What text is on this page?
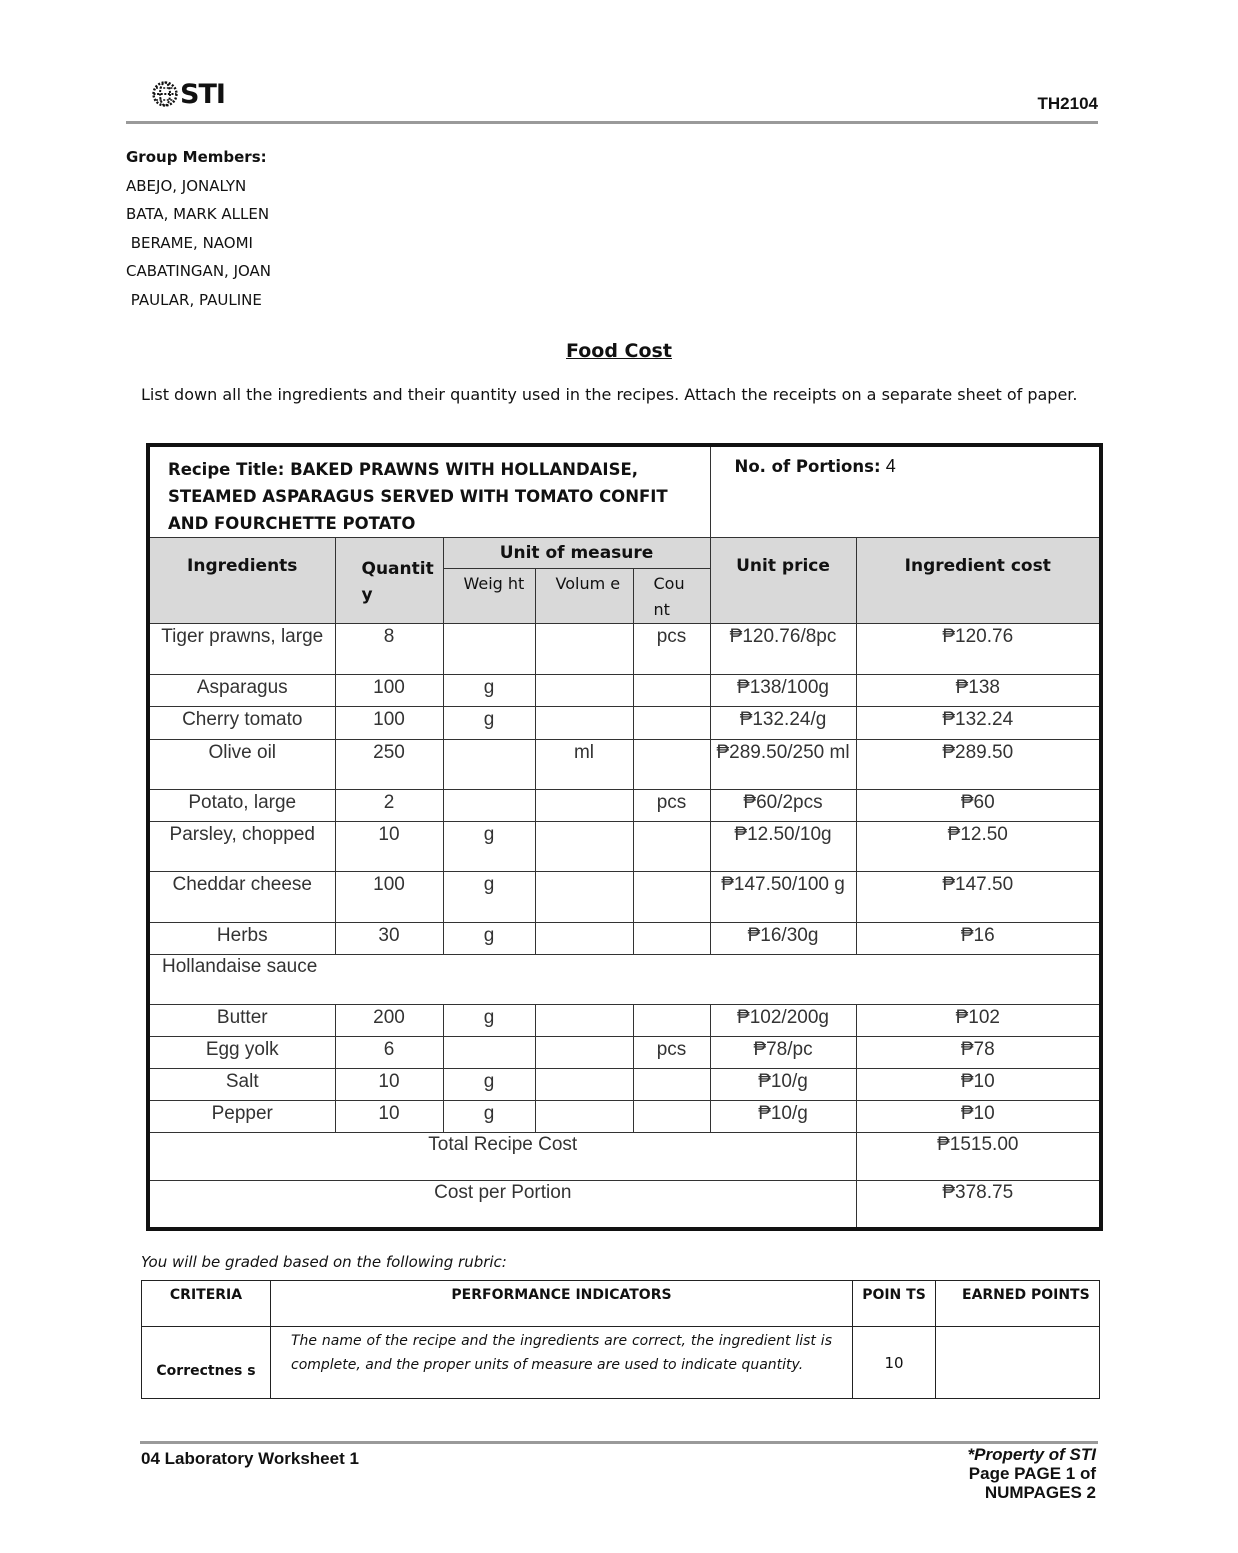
STI	TH2104
Group Members:
ABEJO, JONALYN
BATA, MARK ALLEN
BERAME, NAOMI
CABATINGAN, JOAN
PAULAR, PAULINE
Food Cost
List down all the ingredients and their quantity used in the recipes. Attach the receipts on a separate sheet of paper.
Recipe Title: BAKED PRAWNS WITH HOLLANDAISE, STEAMED ASPARAGUS SERVED WITH TOMATO CONFIT AND FOURCHETTE POTATO					No. of Portions: 4	
Ingredients	Quantit y	Unit of measure			Unit price	Ingredient cost
		Weig ht	Volum e	Cou nt		
Tiger prawns, large	8			pcs	₱120.76/8pc	₱120.76
Asparagus	100	g			₱138/100g	₱138
Cherry tomato	100	g			₱132.24/g	₱132.24
Olive oil	250		ml		₱289.50/250 ml	₱289.50
Potato, large	2			pcs	₱60/2pcs	₱60
Parsley, chopped	10	g			₱12.50/10g	₱12.50
Cheddar cheese	100	g			₱147.50/100 g	₱147.50
Herbs	30	g			₱16/30g	₱16
Hollandaise sauce						
Butter	200	g			₱102/200g	₱102
Egg yolk	6			pcs	₱78/pc	₱78
Salt	10	g			₱10/g	₱10
Pepper	10	g			₱10/g	₱10
Total Recipe Cost						₱1515.00
Cost per Portion						₱378.75
You will be graded based on the following rubric:
CRITERIA	PERFORMANCE INDICATORS	POIN TS	EARNED POINTS
Correctnes s	The name of the recipe and the ingredients are correct, the ingredient list is complete, and the proper units of measure are used to indicate quantity.	10	
04 Laboratory Worksheet 1	*Property of STI
Page PAGE 1 of NUMPAGES 2
